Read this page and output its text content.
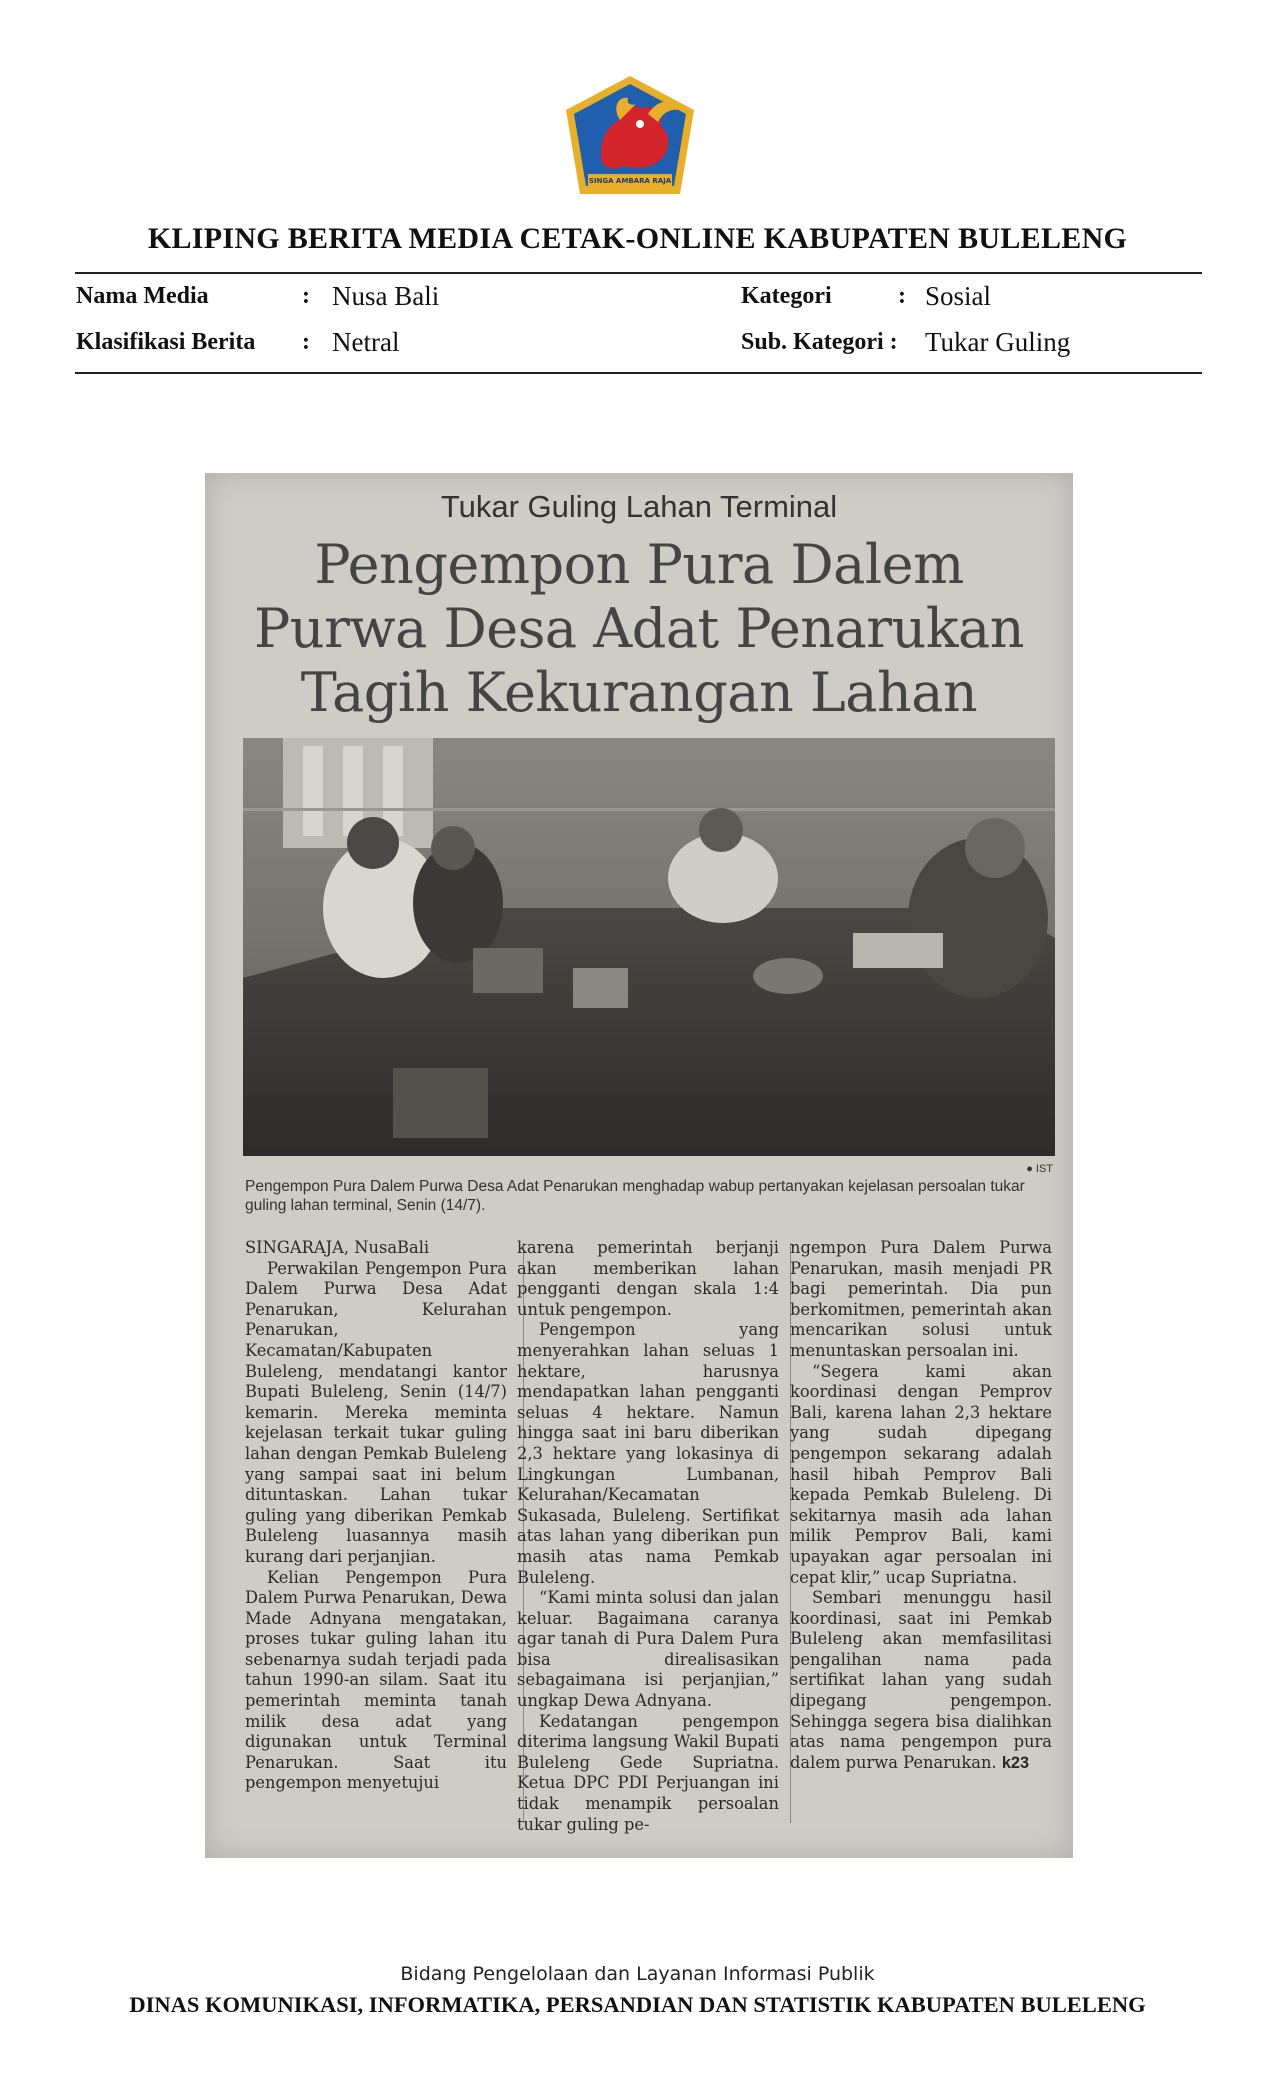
SINGA AMBARA RAJA
KLIPING BERITA MEDIA CETAK-ONLINE KABUPATEN BULELENG
Nama Media	: Nusa Bali	Kategori	: Sosial
Klasifikasi Berita : Netral	Sub. Kategori : Tukar Guling
Tukar Guling Lahan Terminal
Pengempon Pura Dalem Purwa Desa Adat Penarukan Tagih Kekurangan Lahan
● IST
Pengempon Pura Dalem Purwa Desa Adat Penarukan menghadap wabup pertanyakan kejelasan persoalan tukar guling lahan terminal, Senin (14/7).

SINGARAJA, NusaBali

Perwakilan Pengempon Pura Dalem Purwa Desa Adat Penarukan, Kelurahan Penarukan, Kecamatan/Kabupaten Buleleng, mendatangi kantor Bupati Buleleng, Senin (14/7) kemarin. Mereka meminta kejelasan terkait tukar guling lahan dengan Pemkab Buleleng yang sampai saat ini belum dituntaskan. Lahan tukar guling yang diberikan Pemkab Buleleng luasannya masih kurang dari perjanjian.

Kelian Pengempon Pura Dalem Purwa Penarukan, Dewa Made Adnyana mengatakan, proses tukar guling lahan itu sebenarnya sudah terjadi pada tahun 1990-an silam. Saat itu pemerintah meminta tanah milik desa adat yang digunakan untuk Terminal Penarukan. Saat itu pengempon menyetujui

karena pemerintah berjanji akan memberikan lahan pengganti dengan skala 1:4 untuk pengempon.

Pengempon yang menyerahkan lahan seluas 1 hektare, harusnya mendapatkan lahan pengganti seluas 4 hektare. Namun hingga saat ini baru diberikan 2,3 hektare yang lokasinya di Lingkungan Lumbanan, Kelurahan/Kecamatan Sukasada, Buleleng. Sertifikat atas lahan yang diberikan pun masih atas nama Pemkab Buleleng.

“Kami minta solusi dan jalan keluar. Bagaimana caranya agar tanah di Pura Dalem Pura bisa direalisasikan sebagaimana isi perjanjian,” ungkap Dewa Adnyana.

Kedatangan pengempon diterima langsung Wakil Bupati Buleleng Gede Supriatna. Ketua DPC PDI Perjuangan ini tidak menampik persoalan tukar guling pe-

ngempon Pura Dalem Purwa Penarukan, masih menjadi PR bagi pemerintah. Dia pun berkomitmen, pemerintah akan mencarikan solusi untuk menuntaskan persoalan ini.

“Segera kami akan koordinasi dengan Pemprov Bali, karena lahan 2,3 hektare yang sudah dipegang pengempon sekarang adalah hasil hibah Pemprov Bali kepada Pemkab Buleleng. Di sekitarnya masih ada lahan milik Pemprov Bali, kami upayakan agar persoalan ini cepat klir,” ucap Supriatna.

Sembari menunggu hasil koordinasi, saat ini Pemkab Buleleng akan memfasilitasi pengalihan nama pada sertifikat lahan yang sudah dipegang pengempon. Sehingga segera bisa dialihkan atas nama pengempon pura dalem purwa Penarukan. k23

Bidang Pengelolaan dan Layanan Informasi Publik
DINAS KOMUNIKASI, INFORMATIKA, PERSANDIAN DAN STATISTIK KABUPATEN BULELENG
